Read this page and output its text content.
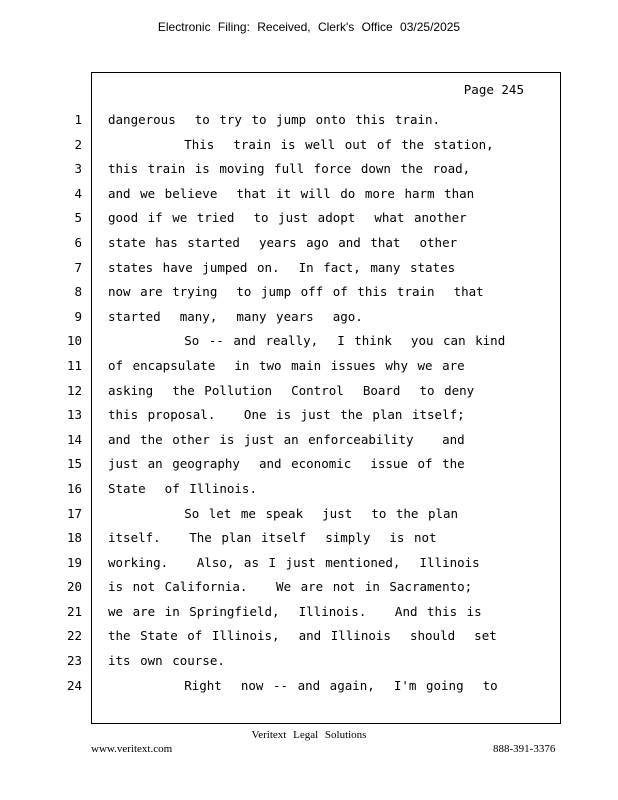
Electronic Filing: Received, Clerk's Office 03/25/2025
Page 245
1
2
3
4
5
6
7
8
9
10
11
12
13
14
15
16
17
18
19
20
21
22
23
24
dangerous  to try to jump onto this train.
This  train is well out of the station,
this train is moving full force down the road,
and we believe  that it will do more harm than
good if we tried  to just adopt  what another
state has started  years ago and that  other
states have jumped on.  In fact, many states
now are trying  to jump off of this train  that
started  many,  many years  ago.
So -- and really,  I think  you can kind
of encapsulate  in two main issues why we are
asking  the Pollution  Control  Board  to deny
this proposal.   One is just the plan itself;
and the other is just an enforceability   and
just an geography  and economic  issue of the
State  of Illinois.
So let me speak  just  to the plan
itself.   The plan itself  simply  is not
working.   Also, as I just mentioned,  Illinois
is not California.   We are not in Sacramento;
we are in Springfield,  Illinois.   And this is
the State of Illinois,  and Illinois  should  set
its own course.
Right  now -- and again,  I'm going  to
Veritext Legal Solutions
www.veritext.com	888-391-3376
